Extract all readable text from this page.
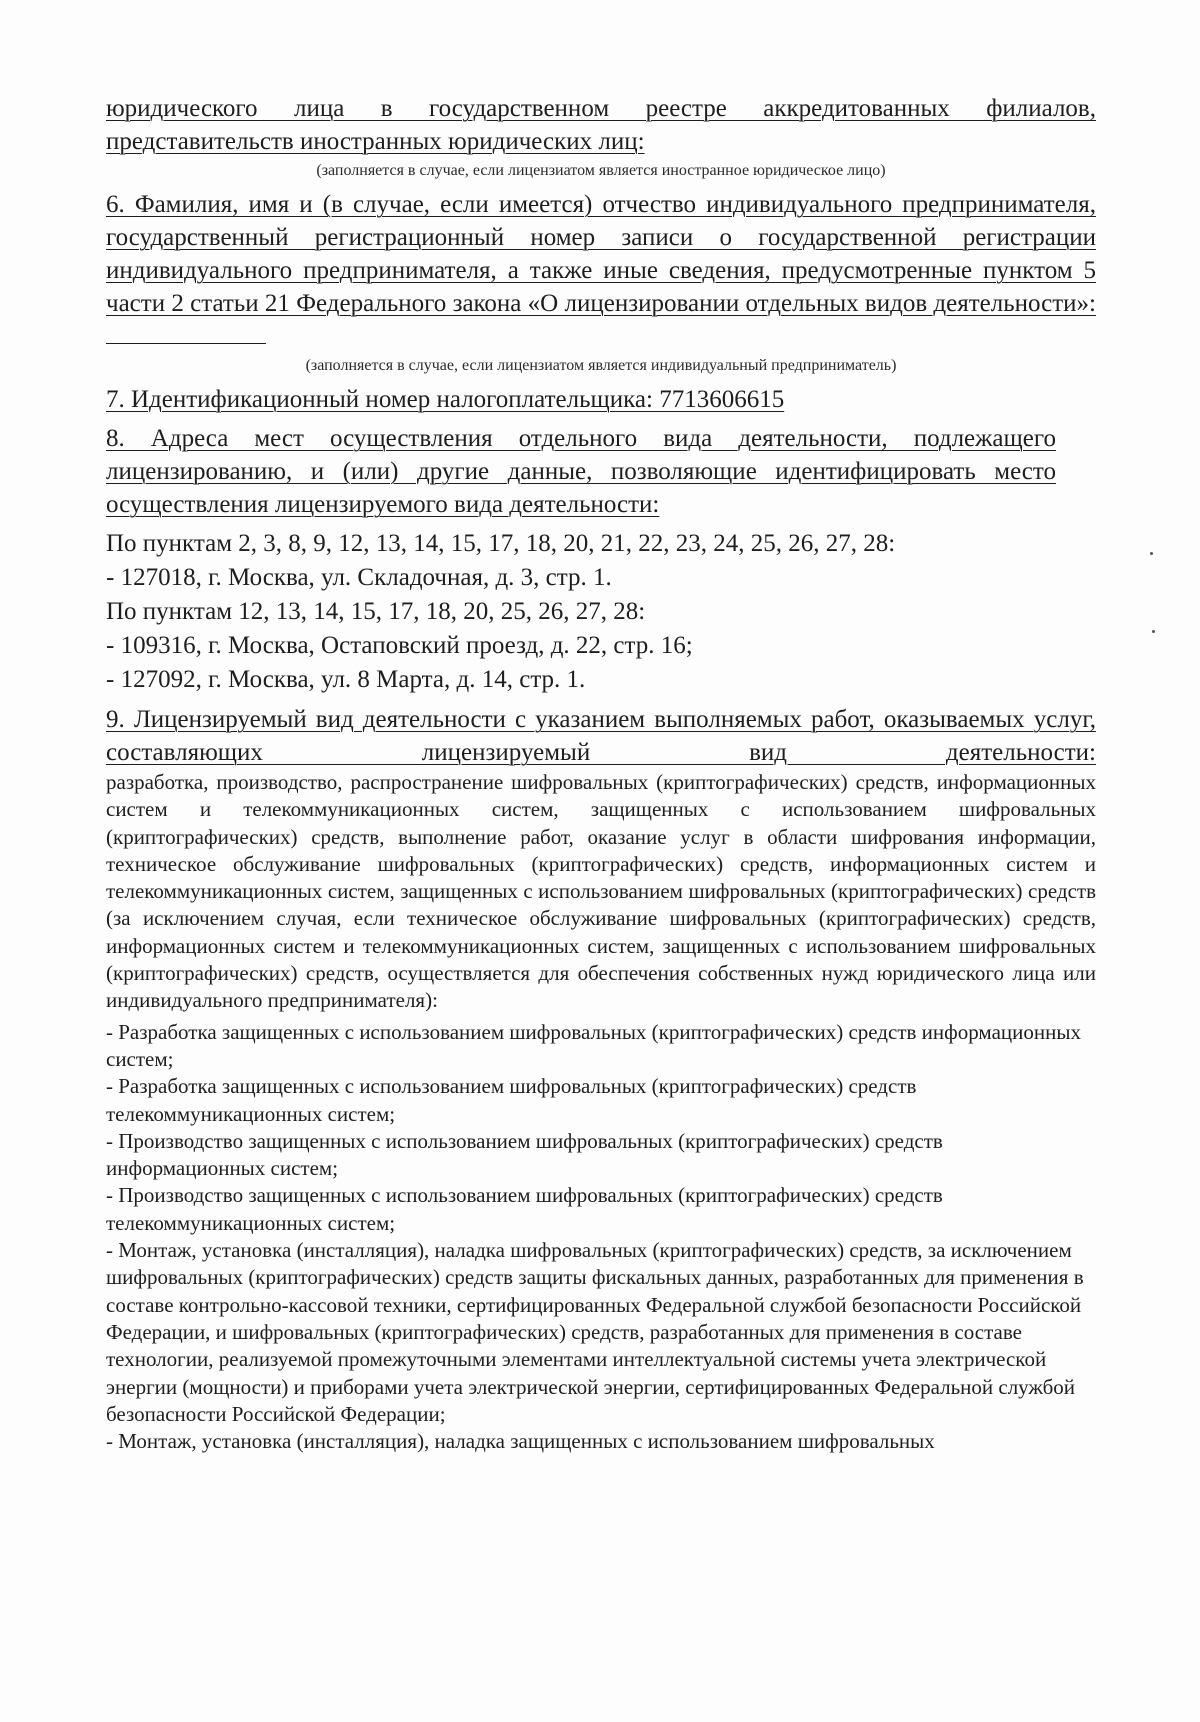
юридического лица в государственном реестре аккредитованных филиалов, представительств иностранных юридических лиц:

(заполняется в случае, если лицензиатом является иностранное юридическое лицо)

6. Фамилия, имя и (в случае, если имеется) отчество индивидуального предпринимателя, государственный регистрационный номер записи о государственной регистрации индивидуального предпринимателя, а также иные сведения, предусмотренные пунктом 5 части 2 статьи 21 Федерального закона «О лицензировании отдельных видов деятельности»:

(заполняется в случае, если лицензиатом является индивидуальный предприниматель)

7. Идентификационный номер налогоплательщика: 7713606615

8. Адреса мест осуществления отдельного вида деятельности, подлежащего лицензированию, и (или) другие данные, позволяющие идентифицировать место осуществления лицензируемого вида деятельности:

По пунктам 2, 3, 8, 9, 12, 13, 14, 15, 17, 18, 20, 21, 22, 23, 24, 25, 26, 27, 28:

- 127018, г. Москва, ул. Складочная, д. 3, стр. 1.

По пунктам 12, 13, 14, 15, 17, 18, 20, 25, 26, 27, 28:

- 109316, г. Москва, Остаповский проезд, д. 22, стр. 16;

- 127092, г. Москва, ул. 8 Марта, д. 14, стр. 1.

9. Лицензируемый вид деятельности с указанием выполняемых работ, оказываемых услуг, составляющих лицензируемый вид деятельности:

разработка, производство, распространение шифровальных (криптографических) средств, информационных систем и телекоммуникационных систем, защищенных с использованием шифровальных (криптографических) средств, выполнение работ, оказание услуг в области шифрования информации, техническое обслуживание шифровальных (криптографических) средств, информационных систем и телекоммуникационных систем, защищенных с использованием шифровальных (криптографических) средств (за исключением случая, если техническое обслуживание шифровальных (криптографических) средств, информационных систем и телекоммуникационных систем, защищенных с использованием шифровальных (криптографических) средств, осуществляется для обеспечения собственных нужд юридического лица или индивидуального предпринимателя):

- Разработка защищенных с использованием шифровальных (криптографических) средств информационных систем;

- Разработка защищенных с использованием шифровальных (криптографических) средств телекоммуникационных систем;

- Производство защищенных с использованием шифровальных (криптографических) средств информационных систем;

- Производство защищенных с использованием шифровальных (криптографических) средств телекоммуникационных систем;

- Монтаж, установка (инсталляция), наладка шифровальных (криптографических) средств, за исключением шифровальных (криптографических) средств защиты фискальных данных, разработанных для применения в составе контрольно-кассовой техники, сертифицированных Федеральной службой безопасности Российской Федерации, и шифровальных (криптографических) средств, разработанных для применения в составе технологии, реализуемой промежуточными элементами интеллектуальной системы учета электрической энергии (мощности) и приборами учета электрической энергии, сертифицированных Федеральной службой безопасности Российской Федерации;

- Монтаж, установка (инсталляция), наладка защищенных с использованием шифровальных
